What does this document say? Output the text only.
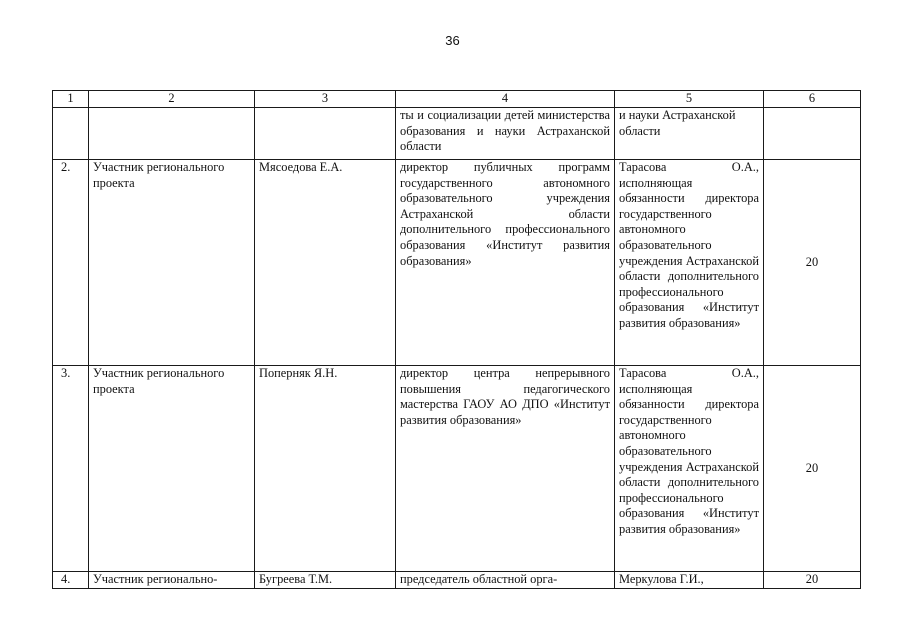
36
1	2	3	4	5	6
			ты и социализации детей министерства образования и науки Астраханской области	и науки Астраханской области	
2.	Участник регионального проекта	Мясоедова Е.А.	директор публичных программ государственного автономного образовательного учреждения Астраханской области дополнительного профессионального образования «Институт развития образования»	Тарасова О.А., исполняющая обязанности директора государственного автономного образовательного учреждения Астраханской области дополнительного профессионального образования «Институт развития образования»	20
3.	Участник регионального проекта	Поперняк Я.Н.	директор центра непрерывного повышения педагогического мастерства ГАОУ АО ДПО «Институт развития образования»	Тарасова О.А., исполняющая обязанности директора государственного автономного образовательного учреждения Астраханской области дополнительного профессионального образования «Институт развития образования»	20
4.	Участник регионально-	Бугреева Т.М.	председатель областной орга-	Меркулова Г.И.,	20
